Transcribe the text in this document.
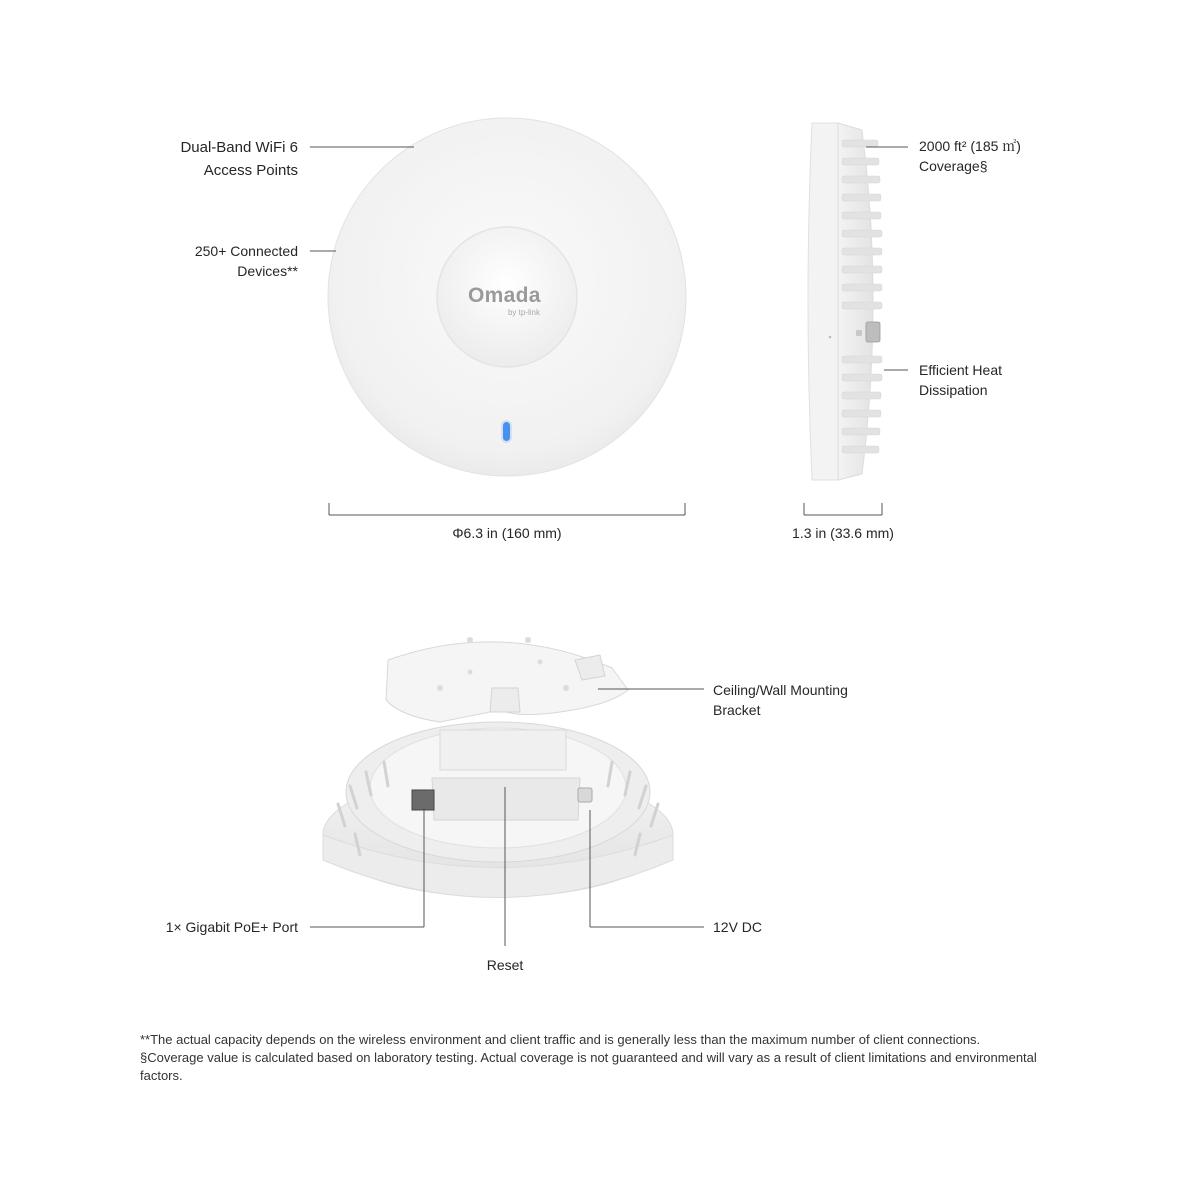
Omada
by tp-link
Dual-Band WiFi 6
Access Points
250+ Connected
Devices**
2000 ft² (185 ㎡)
Coverage§
Efficient Heat
Dissipation
Φ6.3 in (160 mm)	1.3 in (33.6 mm)
Ceiling/Wall Mounting
Bracket
1× Gigabit PoE+ Port	12V DC
Reset
**The actual capacity depends on the wireless environment and client traffic and is generally less than the maximum number of client connections.
§Coverage value is calculated based on laboratory testing. Actual coverage is not guaranteed and will vary as a result of client limitations and environmental factors.
